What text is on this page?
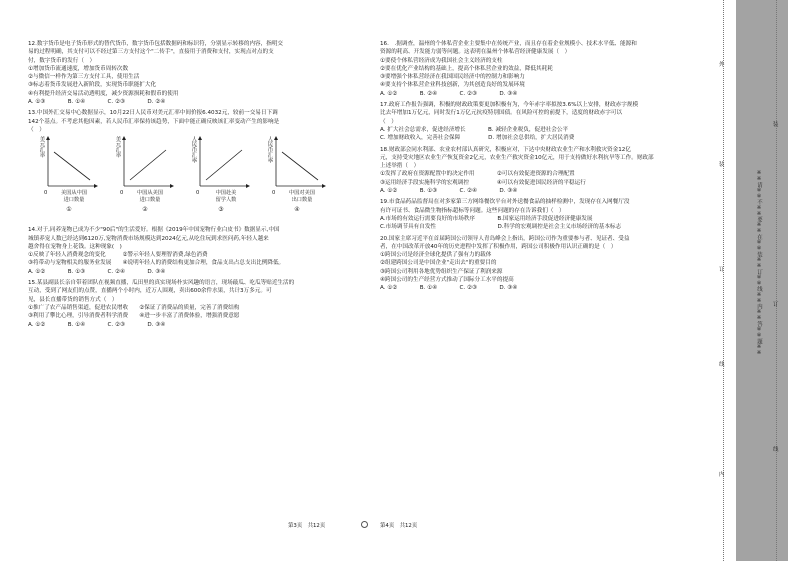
12.数字货币是电子货币形式的替代货币，数字货币包括数据码和标识符，分别显示转移的内容，指明交
易的过程明确，其支付可以不经过第三方支付这个"二传手"，直接用于消费和支付，实现点对点的支
付，数字货币的发行（　）
①增加货币流通速度，增加货币周转次数
②与微信一样作为第三方支付工具，使用生活
③标志着货币发展进入新阶段，实现货币职能扩大化
④有利提升经济交易活动透明度，减少资源损耗和假币的使用
A. ①③　　　　B. ①④　　　　C. ②③　　　　D. ②④
13.中国外汇交易中心数据显示，10月22日人民币对美元汇率中间价报6.4032元，较前一交易日下调
142个基点。不考虑其他因素，若人民币汇率保持该趋势，下面中能正确反映该汇率变动产生的影响是
（　）
美元汇率
0	美国从中国
进口数量
①
美元汇率
0	中国从美国
进口数量
②
人民币汇率
0	中国赴美
留学人数
③
人民币汇率
0	中国对美国
出口数量
④
14.对于,同养宠物已成为不少"90后"的生活爱好。根据《2019年中国宠物行业白皮书》数据显示,中国
城镇养宠人数已经达到6120万,宠物消费市场规模达到2024亿元,从吃住玩到求医问药,年轻人越来
越舍得在宠物身上花钱。这种现象(　)
①反映了年轻人消费观念的变化　　　②警示年轻人要理智消费,绿色消费
③将带动与宠物相关的服务业发展　　④说明年轻人的消费结构更加合理，食品支出占总支出比例降低。
A. ①②　　　　B. ①③　　　　C. ②④　　　　D. ③④
15.某县副县长亲自带着团队在视频直播，瓜田里的真实现场朴实风趣的语言，现场敲瓜、吃瓜等贴近生活的
互动，受到了网友们的点赞，直播两个小时内，近万人围观，卖出600余件水果，共计3万多元。可
见，县长直播带货的销售方式（　）
①推广了农产品销售渠道，促进农民增收　　②保证了消费品的质量，完善了消费结构
③利用了攀比心理，引导消费者科学消费　　④进一步丰富了消费体验，增强消费意愿
A. ①②　　　　B. ①④　　　　C. ②③　　　　D. ③④
16.　.据调查，温州的个体私营企业主要集中在传统产业，而且存在着企业规模小、技术水平低、能源和
资源的耗高、开发能力弱等问题。这表明在温州个体私营经济健康发展（　）
①要使个体私营经济成为我国社会主义经济的支柱
②要在优化产业结构的基础上，提高个体私营企业的效益，降低其耗耗
③要增强个体私营经济在我国国民经济中的控制力和影响力
④要支持个体私营企业科技创新，为其创造良好的发展环境
A. ①②　　　　B. ②④　　　　C. ②③　　　　D. ③④
17.政府工作报告强调，积极的财政政策要更加积极有为，今年赤字率拟按3.6%以上安排，财政赤字规模
比去年增加1万亿元，同时发行1万亿元抗疫特别国债。在风险可控的前提下，适度的财政赤字可以
（　）
A. 扩大社会总需求，促进经济增长　　　　B. 减轻企业税负，促进社会公平
C. 增加财政收入，完善社会保障　　　　　D. 增加社会总供给，扩大居民消费
18.财政部会同水利部、农业农村部认真研究，积极应对，下达中央财政农业生产和水利救灾资金12亿
元，支持受灾地区农业生产恢复资金2亿元，农业生产救灾资金10亿元，用于支持做好水利抗旱等工作。财政部
上述举措（　）
①发挥了政府在资源配置中的决定作用　　　　②可以有效促进资源的合理配置
③运用经济手段实施科学的宏观调控　　　　　④可以有效促进国民经济的平稳运行
A. ①②　　　　B. ①③　　　　C. ②④　　　　D. ③④
19.市食品药品监督局在对多家第三方网络餐饮平台对外送餐食品的抽样检测中，发现存在入网餐厅没
有许可证书、食品微生物指标超标等问题。这些问题的存在告诉我们（　）
A.市场的有效运行需要良好的市场秩序　　　　B.国家运用经济手段促进经济健康发展
C.市场调节具有自发性　　　　　　　　　　　D.科学的宏观调控是社会主义市场经济的基本标志
20.国家主席习近平在首届跨国公司领导人青岛峰会上指出，跨国公司作为重要参与者、见证者、受益
者，在中国改革开放40年的历史进程中发挥了积极作用，跨国公司积极作用认识正确的是（　）
①跨国公司是经济全球化提供了强有力的载体
②组建跨国公司是中国企业"走出去"的重要目的
③跨国公司利用各地优势组织生产保证了利润来源
④跨国公司的生产经营方式推动了国际分工水平的提高
A. ①②　　　　B. ①④　　　　C. ②③　　　　D. ③④
第3页　共12页	第4页　共12页
※※请※※不※※要※※在※※装※※订※※线※※内※※答※※题※※
外
装
订
线
内
装
订
线
